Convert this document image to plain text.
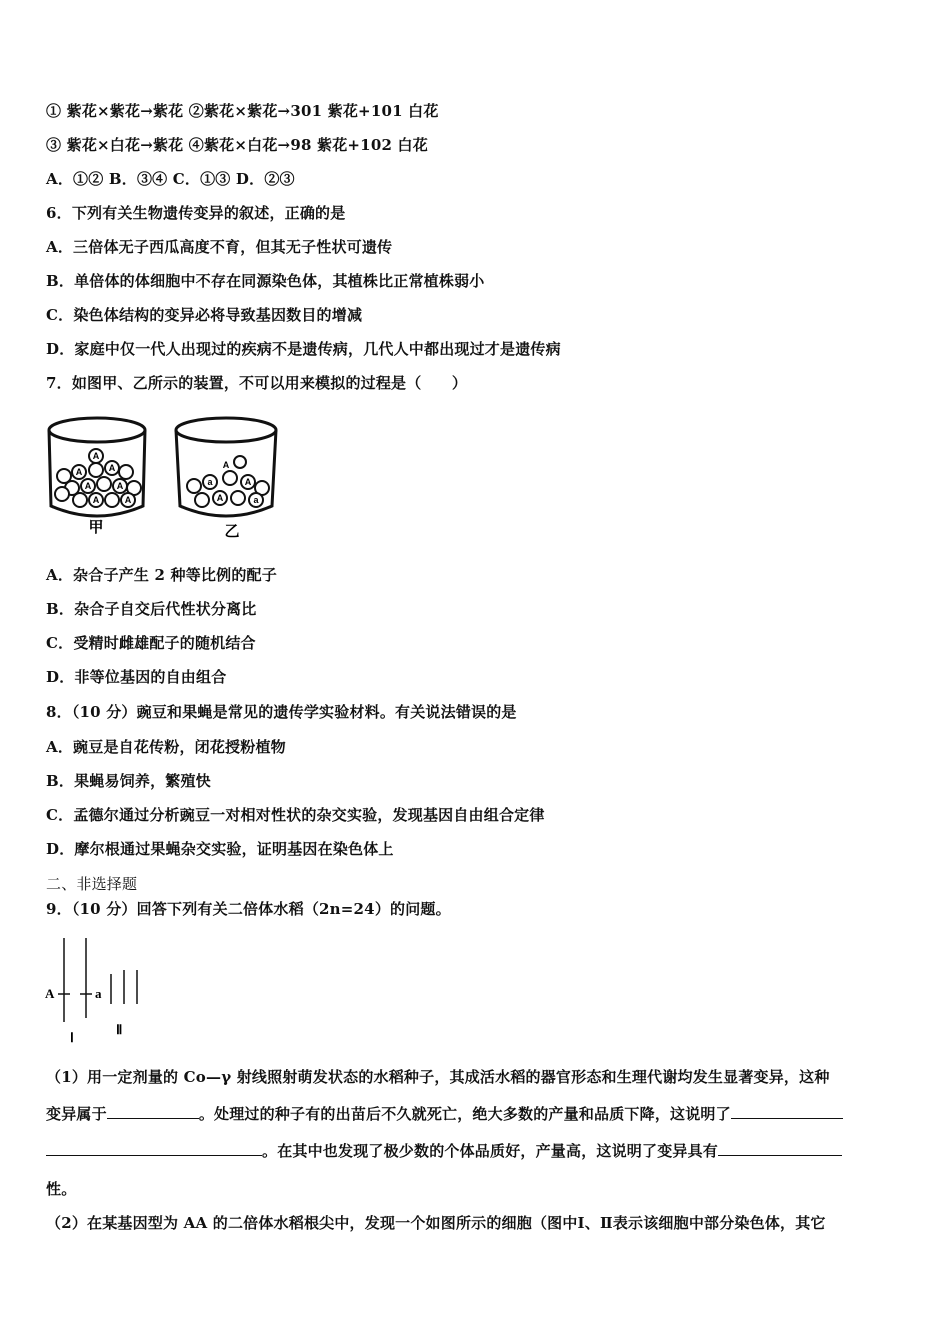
① 紫花×紫花→紫花 ②紫花×紫花→301 紫花+101 白花
③ 紫花×白花→紫花 ④紫花×白花→98 紫花+102 白花
A．①② B．③④ C．①③ D．②③
6．下列有关生物遗传变异的叙述，正确的是
A．三倍体无子西瓜高度不育，但其无子性状可遗传
B．单倍体的体细胞中不存在同源染色体，其植株比正常植株弱小
C．染色体结构的变异必将导致基因数目的增减
D．家庭中仅一代人出现过的疾病不是遗传病，几代人中都出现过才是遗传病
7．如图甲、乙所示的装置，不可以用来模拟的过程是（　　）
A	A
A	A
A	A
A
甲
A
a	A
A	a
乙
A．杂合子产生 2 种等比例的配子
B．杂合子自交后代性状分离比
C．受精时雌雄配子的随机结合
D．非等位基因的自由组合
8．（10 分）豌豆和果蝇是常见的遗传学实验材料。有关说法错误的是
A．豌豆是自花传粉，闭花授粉植物
B．果蝇易饲养，繁殖快
C．孟德尔通过分析豌豆一对相对性状的杂交实验，发现基因自由组合定律
D．摩尔根通过果蝇杂交实验，证明基因在染色体上
二、非选择题
9．（10 分）回答下列有关二倍体水稻（2n=24）的问题。
A	a
Ⅰ
Ⅱ
（1）用一定剂量的 Co—γ 射线照射萌发状态的水稻种子，其成活水稻的器官形态和生理代谢均发生显著变异，这种
变异属于	。处理过的种子有的出苗后不久就死亡，绝大多数的产量和品质下降，这说明了
。在其中也发现了极少数的个体品质好，产量高，这说明了变异具有
性。
（2）在某基因型为 AA 的二倍体水稻根尖中，发现一个如图所示的细胞（图中Ⅰ、Ⅱ表示该细胞中部分染色体，其它
